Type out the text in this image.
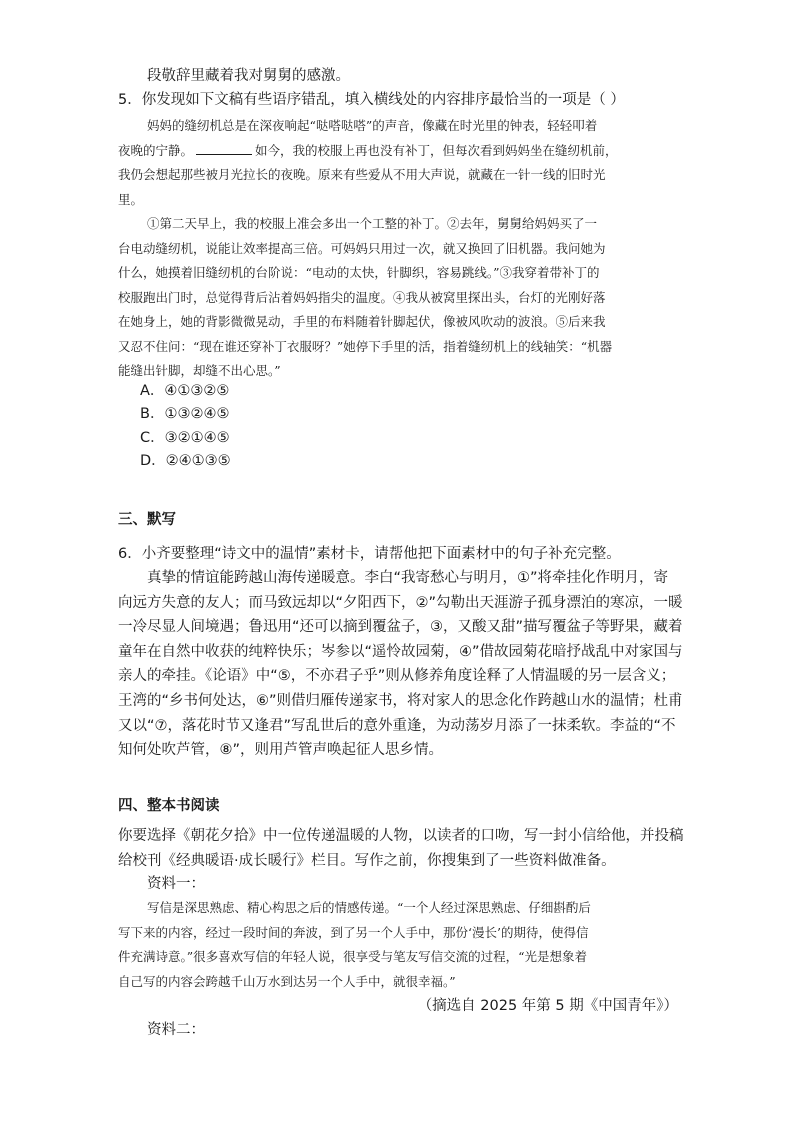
段敬辞里藏着我对舅舅的感激。
5．你发现如下文稿有些语序错乱，填入横线处的内容排序最恰当的一项是（ ）
妈妈的缝纫机总是在深夜响起“哒嗒哒嗒”的声音，像藏在时光里的钟表，轻轻叩着
夜晚的宁静。	如今，我的校服上再也没有补丁，但每次看到妈妈坐在缝纫机前，
我仍会想起那些被月光拉长的夜晚。原来有些爱从不用大声说，就藏在一针一线的旧时光
里。
①第二天早上，我的校服上准会多出一个工整的补丁。②去年，舅舅给妈妈买了一
台电动缝纫机，说能让效率提高三倍。可妈妈只用过一次，就又换回了旧机器。我问她为
什么，她摸着旧缝纫机的台阶说：“电动的太快，针脚织，容易跳线。”③我穿着带补丁的
校服跑出门时，总觉得背后沾着妈妈指尖的温度。④我从被窝里探出头，台灯的光刚好落
在她身上，她的背影微微晃动，手里的布料随着针脚起伏，像被风吹动的波浪。⑤后来我
又忍不住问：“现在谁还穿补丁衣服呀？”她停下手里的活，指着缝纫机上的线轴笑：“机器
能缝出针脚，却缝不出心思。”
A．④①③②⑤
B．①③②④⑤
C．③②①④⑤
D．②④①③⑤
三、默写
6．小齐要整理“诗文中的温情”素材卡，请帮他把下面素材中的句子补充完整。
真挚的情谊能跨越山海传递暖意。李白“我寄愁心与明月，①”将牵挂化作明月，寄
向远方失意的友人；而马致远却以“夕阳西下，②”勾勒出天涯游子孤身漂泊的寒凉，一暖
一冷尽显人间境遇；鲁迅用“还可以摘到覆盆子，③，又酸又甜”描写覆盆子等野果，藏着
童年在自然中收获的纯粹快乐；岑参以“遥怜故园菊，④”借故园菊花暗抒战乱中对家国与
亲人的牵挂。《论语》中“⑤，不亦君子乎”则从修养角度诠释了人情温暖的另一层含义；
王湾的“乡书何处达，⑥”则借归雁传递家书，将对家人的思念化作跨越山水的温情；杜甫
又以“⑦，落花时节又逢君”写乱世后的意外重逢，为动荡岁月添了一抹柔软。李益的“不
知何处吹芦管，⑧”，则用芦管声唤起征人思乡情。
四、整本书阅读
你要选择《朝花夕拾》中一位传递温暖的人物，以读者的口吻，写一封小信给他，并投稿
给校刊《经典暖语·成长暖行》栏目。写作之前，你搜集到了一些资料做准备。
资料一：
写信是深思熟虑、精心构思之后的情感传递。“一个人经过深思熟虑、仔细斟酌后
写下来的内容，经过一段时间的奔波，到了另一个人手中，那份‘漫长’的期待，使得信
件充满诗意。”很多喜欢写信的年轻人说，很享受与笔友写信交流的过程，“光是想象着
自己写的内容会跨越千山万水到达另一个人手中，就很幸福。”
（摘选自 2025 年第 5 期《中国青年》）
资料二：
